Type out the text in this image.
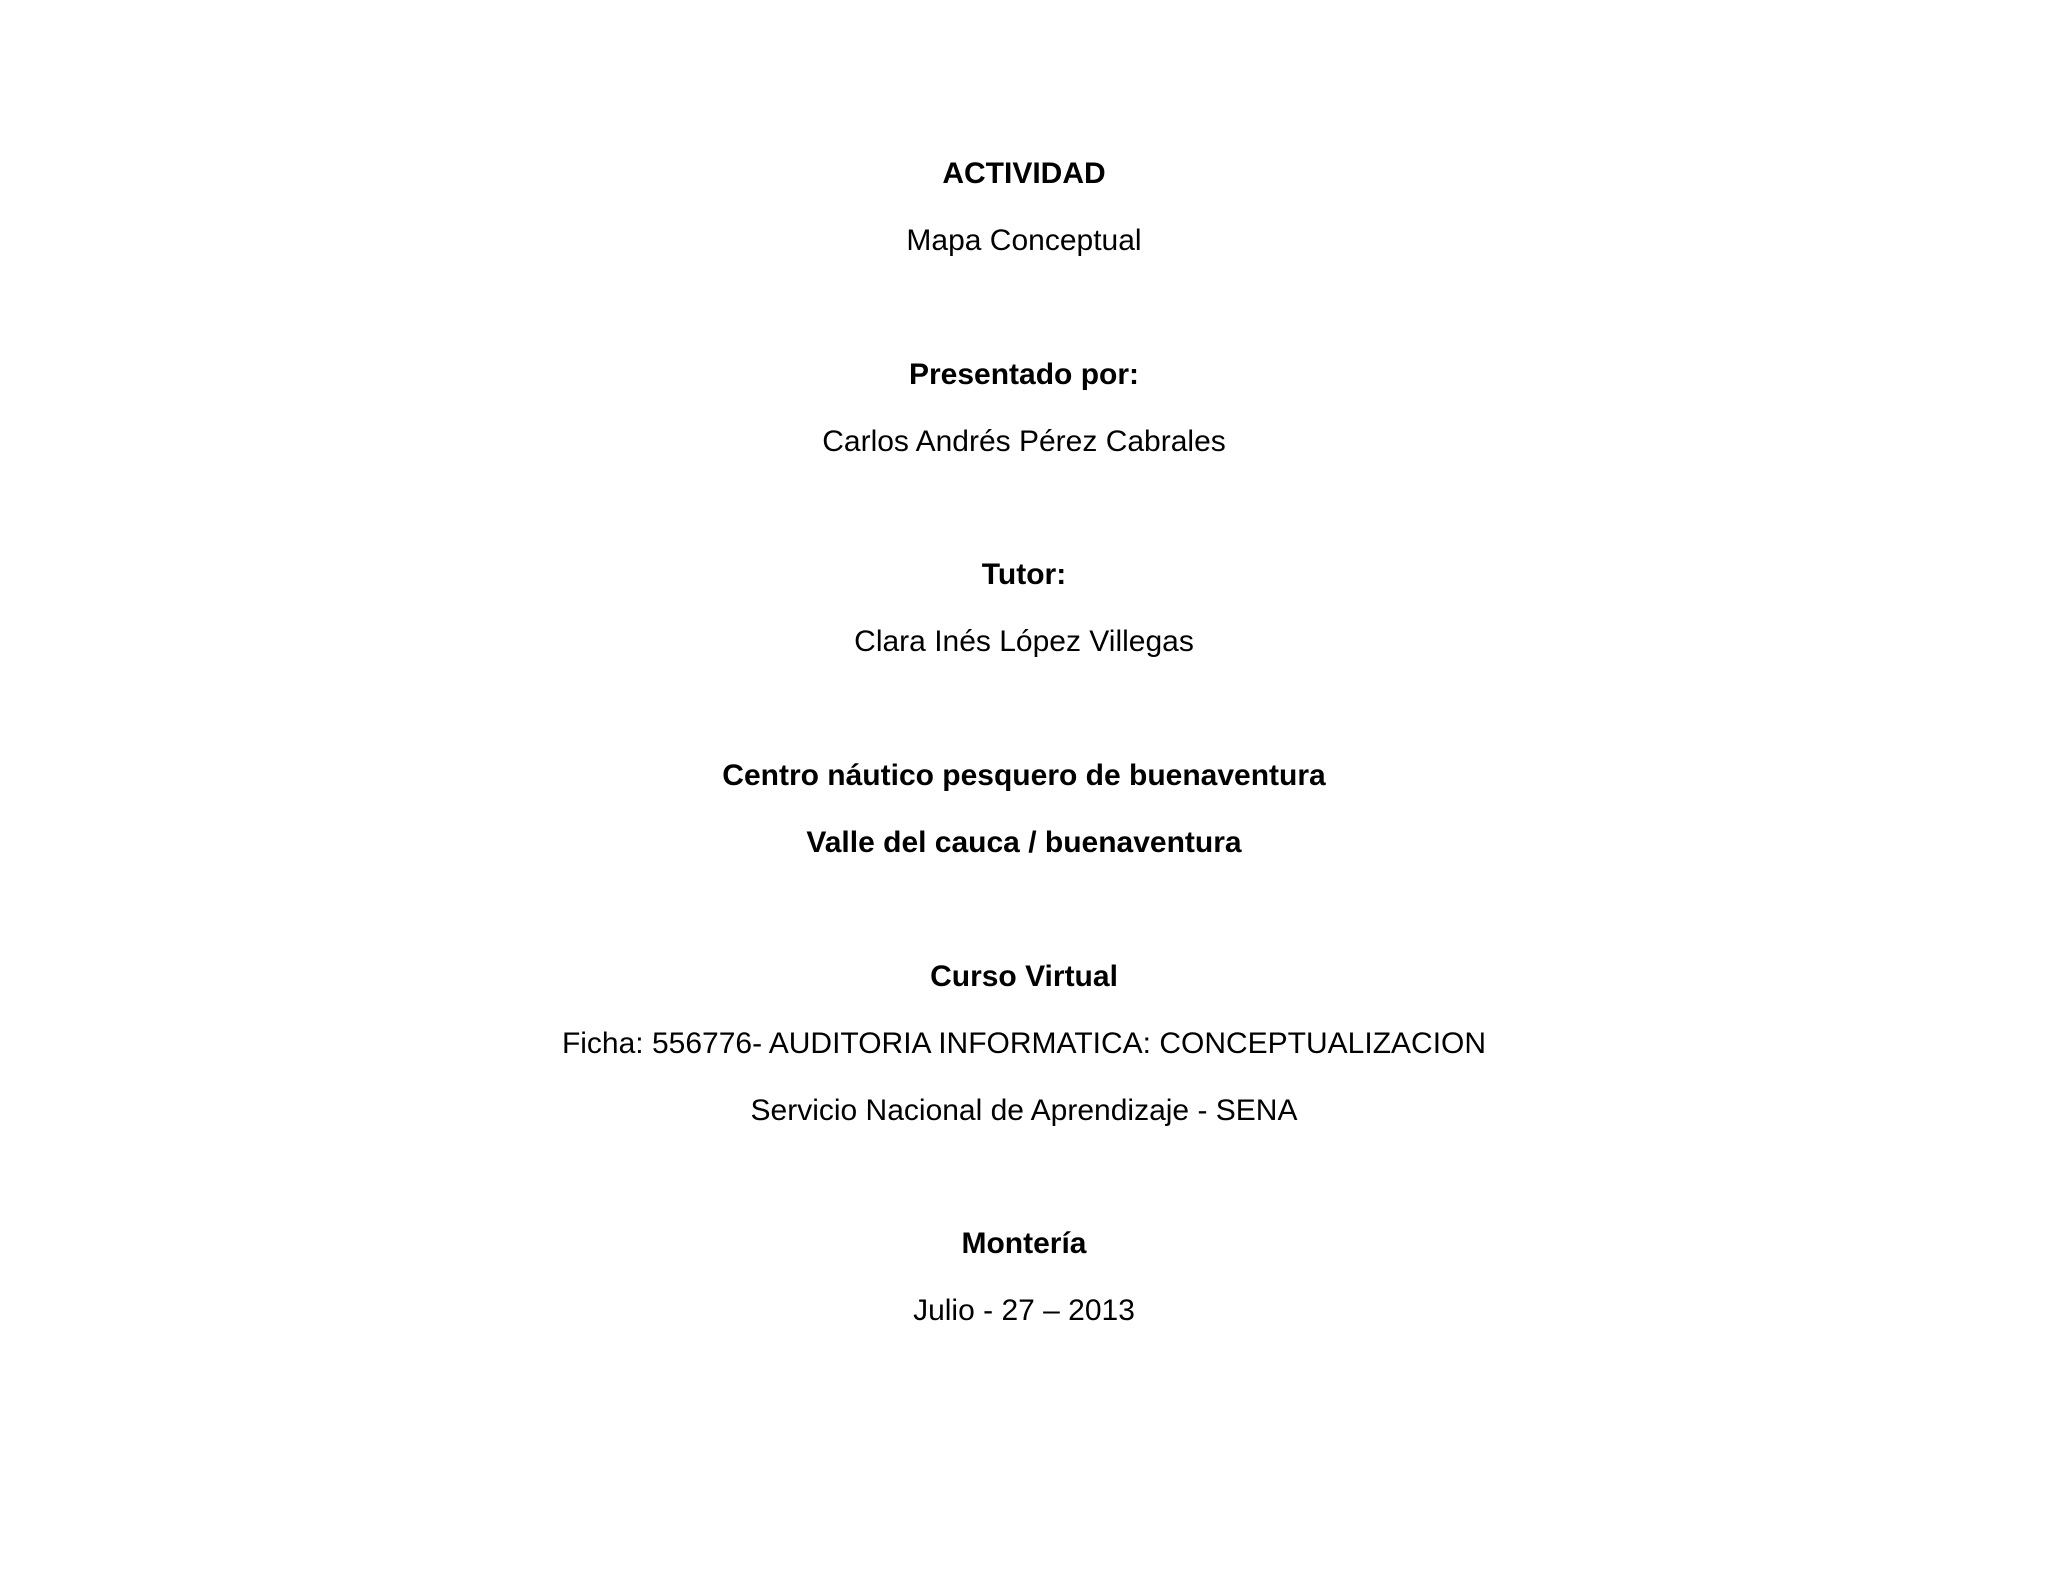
ACTIVIDAD
Mapa Conceptual
Presentado por:
Carlos Andrés Pérez Cabrales
Tutor:
Clara Inés López Villegas
Centro náutico pesquero de buenaventura
Valle del cauca / buenaventura
Curso Virtual
Ficha: 556776- AUDITORIA INFORMATICA: CONCEPTUALIZACION
Servicio Nacional de Aprendizaje - SENA
Montería
Julio - 27 – 2013
